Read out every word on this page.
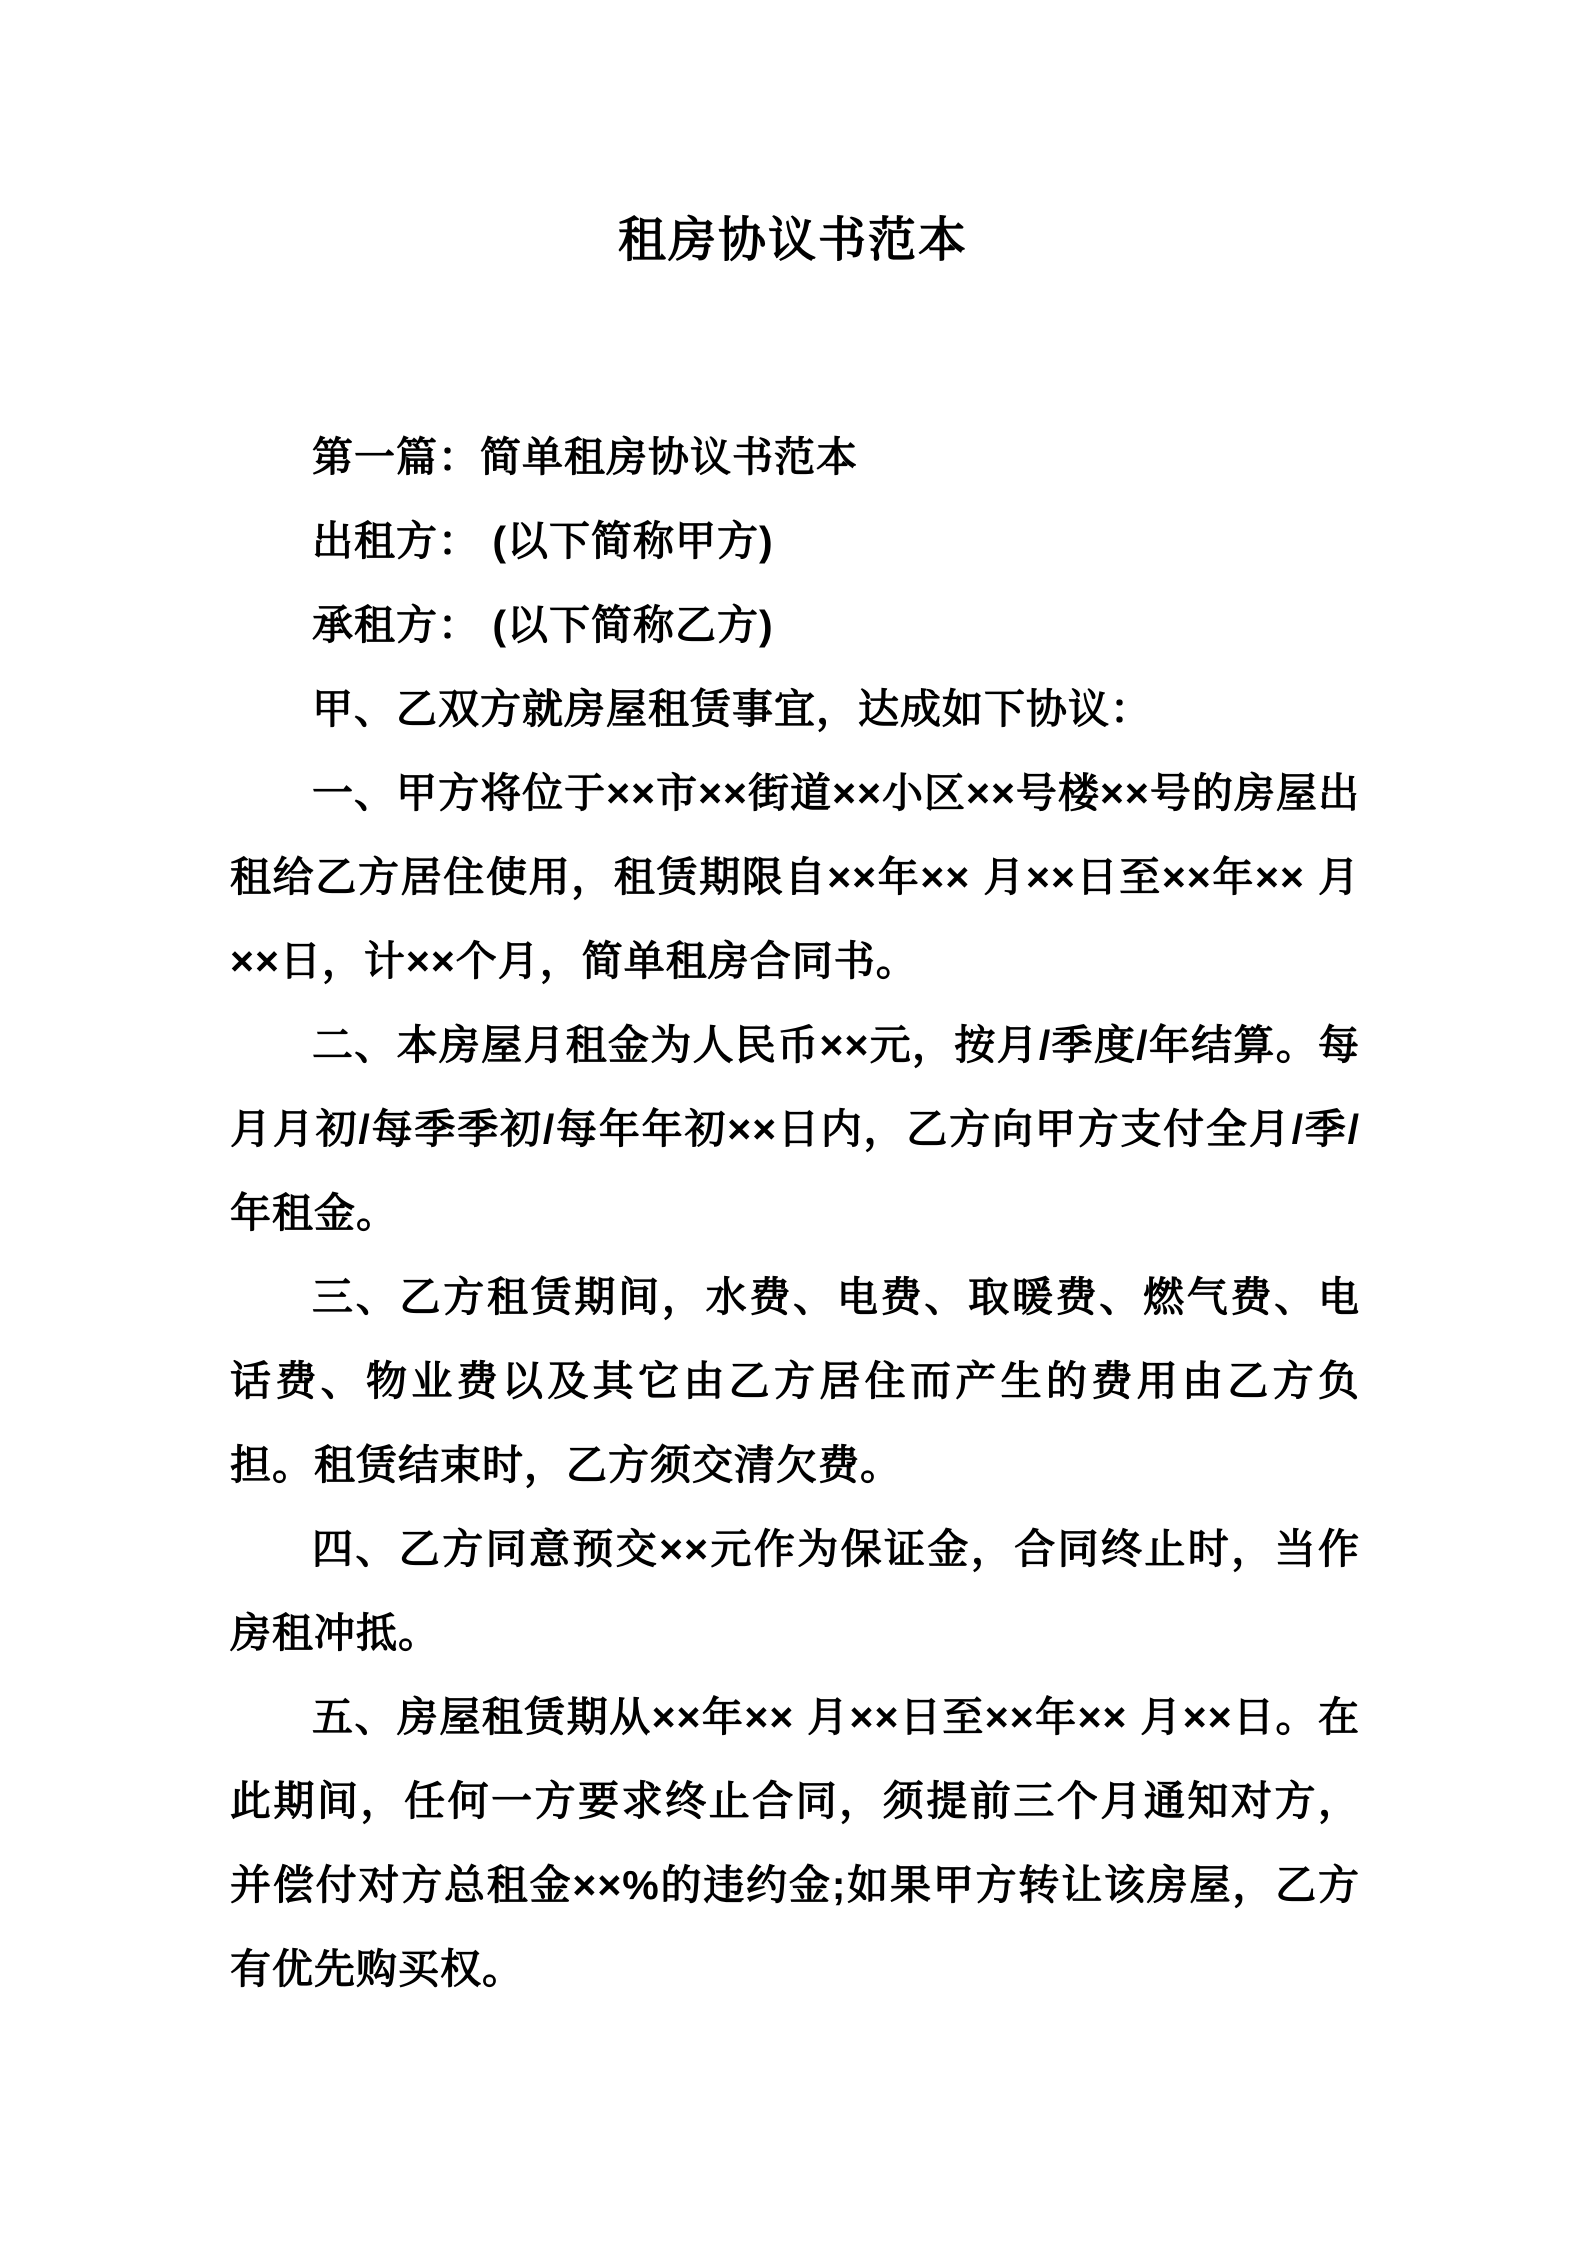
租房协议书范本

第一篇：简单租房协议书范本

出租方： (以下简称甲方)

承租方： (以下简称乙方)

甲、乙双方就房屋租赁事宜，达成如下协议：

一、甲方将位于××市××街道××小区××号楼××号的房屋出租给乙方居住使用，租赁期限自××年×× 月××日至××年×× 月××日，计××个月，简单租房合同书。

二、本房屋月租金为人民币××元，按月/季度/年结算。每月月初/每季季初/每年年初××日内，乙方向甲方支付全月/季/年租金。

三、乙方租赁期间，水费、电费、取暖费、燃气费、电话费、物业费以及其它由乙方居住而产生的费用由乙方负担。租赁结束时，乙方须交清欠费。

四、乙方同意预交××元作为保证金，合同终止时，当作房租冲抵。

五、房屋租赁期从××年×× 月××日至××年×× 月××日。在此期间，任何一方要求终止合同，须提前三个月通知对方，并偿付对方总租金××%的违约金;如果甲方转让该房屋，乙方有优先购买权。
